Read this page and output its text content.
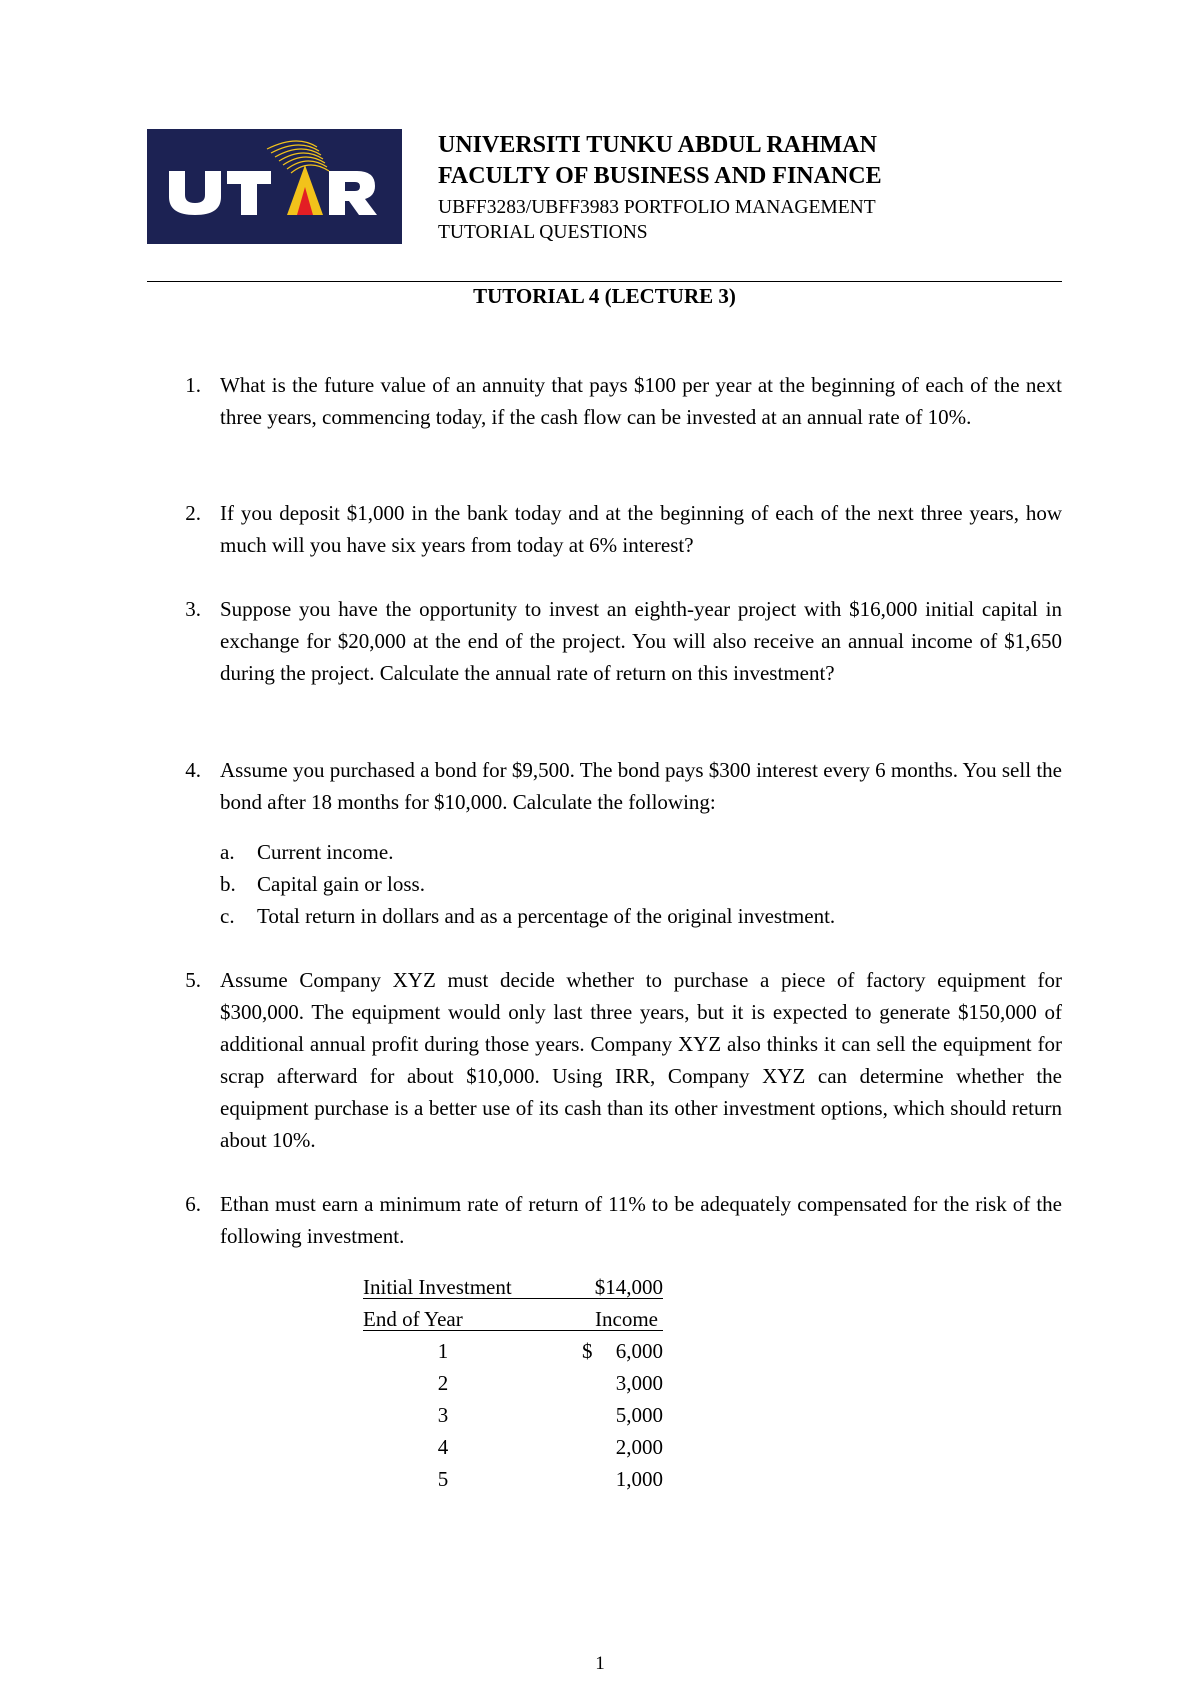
UNIVERSITI TUNKU ABDUL RAHMAN
FACULTY OF BUSINESS AND FINANCE
UBFF3283/UBFF3983 PORTFOLIO MANAGEMENT
TUTORIAL QUESTIONS
TUTORIAL 4 (LECTURE 3)
1. What is the future value of an annuity that pays $100 per year at the beginning of each of the next three years, commencing today, if the cash flow can be invested at an annual rate of 10%.
2. If you deposit $1,000 in the bank today and at the beginning of each of the next three years, how much will you have six years from today at 6% interest?
3. Suppose you have the opportunity to invest an eighth-year project with $16,000 initial capital in exchange for $20,000 at the end of the project. You will also receive an annual income of $1,650 during the project. Calculate the annual rate of return on this investment?
4. Assume you purchased a bond for $9,500. The bond pays $300 interest every 6 months. You sell the bond after 18 months for $10,000. Calculate the following:
a.	Current income.
b.	Capital gain or loss.
c.	Total return in dollars and as a percentage of the original investment.
5. Assume Company XYZ must decide whether to purchase a piece of factory equipment for $300,000. The equipment would only last three years, but it is expected to generate $150,000 of additional annual profit during those years. Company XYZ also thinks it can sell the equipment for scrap afterward for about $10,000. Using IRR, Company XYZ can determine whether the equipment purchase is a better use of its cash than its other investment options, which should return about 10%.
6. Ethan must earn a minimum rate of return of 11% to be adequately compensated for the risk of the following investment.
Initial Investment	$14,000
End of Year	Income
1	$	6,000
2	3,000
3	5,000
4	2,000
5	1,000
1
